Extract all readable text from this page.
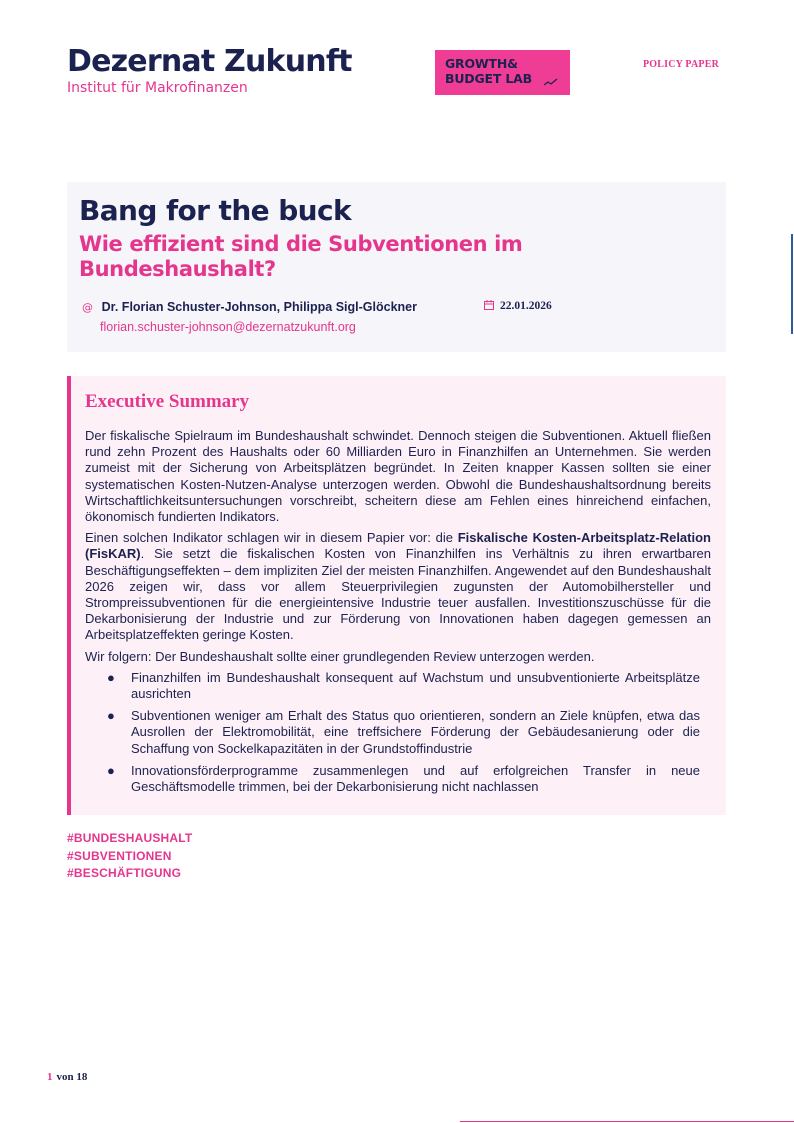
Dezernat Zukunft
Institut für Makrofinanzen
GROWTH&
BUDGET LAB
POLICY PAPER
Bang for the buck
Wie effizient sind die Subventionen im Bundeshaushalt?
@ Dr. Florian Schuster-Johnson, Philippa Sigl-Glöckner	22.01.2026
florian.schuster-johnson@dezernatzukunft.org
Executive Summary

Der fiskalische Spielraum im Bundeshaushalt schwindet. Dennoch steigen die Subventionen. Aktuell fließen rund zehn Prozent des Haushalts oder 60 Milliarden Euro in Finanzhilfen an Unternehmen. Sie werden zumeist mit der Sicherung von Arbeitsplätzen begründet. In Zeiten knapper Kassen sollten sie einer systematischen Kosten-Nutzen-Analyse unterzogen werden. Obwohl die Bundeshaushaltsordnung bereits Wirtschaftlichkeitsuntersuchungen vorschreibt, scheitern diese am Fehlen eines hinreichend einfachen, ökonomisch fundierten Indikators.

Einen solchen Indikator schlagen wir in diesem Papier vor: die Fiskalische Kosten-Arbeitsplatz-Relation (FisKAR). Sie setzt die fiskalischen Kosten von Finanzhilfen ins Verhältnis zu ihren erwartbaren Beschäftigungseffekten – dem impliziten Ziel der meisten Finanzhilfen. Angewendet auf den Bundeshaushalt 2026 zeigen wir, dass vor allem Steuerprivilegien zugunsten der Automobilhersteller und Strompreissubventionen für die energieintensive Industrie teuer ausfallen. Investitionszuschüsse für die Dekarbonisierung der Industrie und zur Förderung von Innovationen haben dagegen gemessen an Arbeitsplatzeffekten geringe Kosten.

Wir folgern: Der Bundeshaushalt sollte einer grundlegenden Review unterzogen werden.

● Finanzhilfen im Bundeshaushalt konsequent auf Wachstum und unsubventionierte Arbeitsplätze ausrichten
● Subventionen weniger am Erhalt des Status quo orientieren, sondern an Ziele knüpfen, etwa das Ausrollen der Elektromobilität, eine treffsichere Förderung der Gebäudesanierung oder die Schaffung von Sockelkapazitäten in der Grundstoffindustrie
● Innovationsförderprogramme zusammenlegen und auf erfolgreichen Transfer in neue Geschäftsmodelle trimmen, bei der Dekarbonisierung nicht nachlassen
#BUNDESHAUSHALT
#SUBVENTIONEN
#BESCHÄFTIGUNG
1 von 18
